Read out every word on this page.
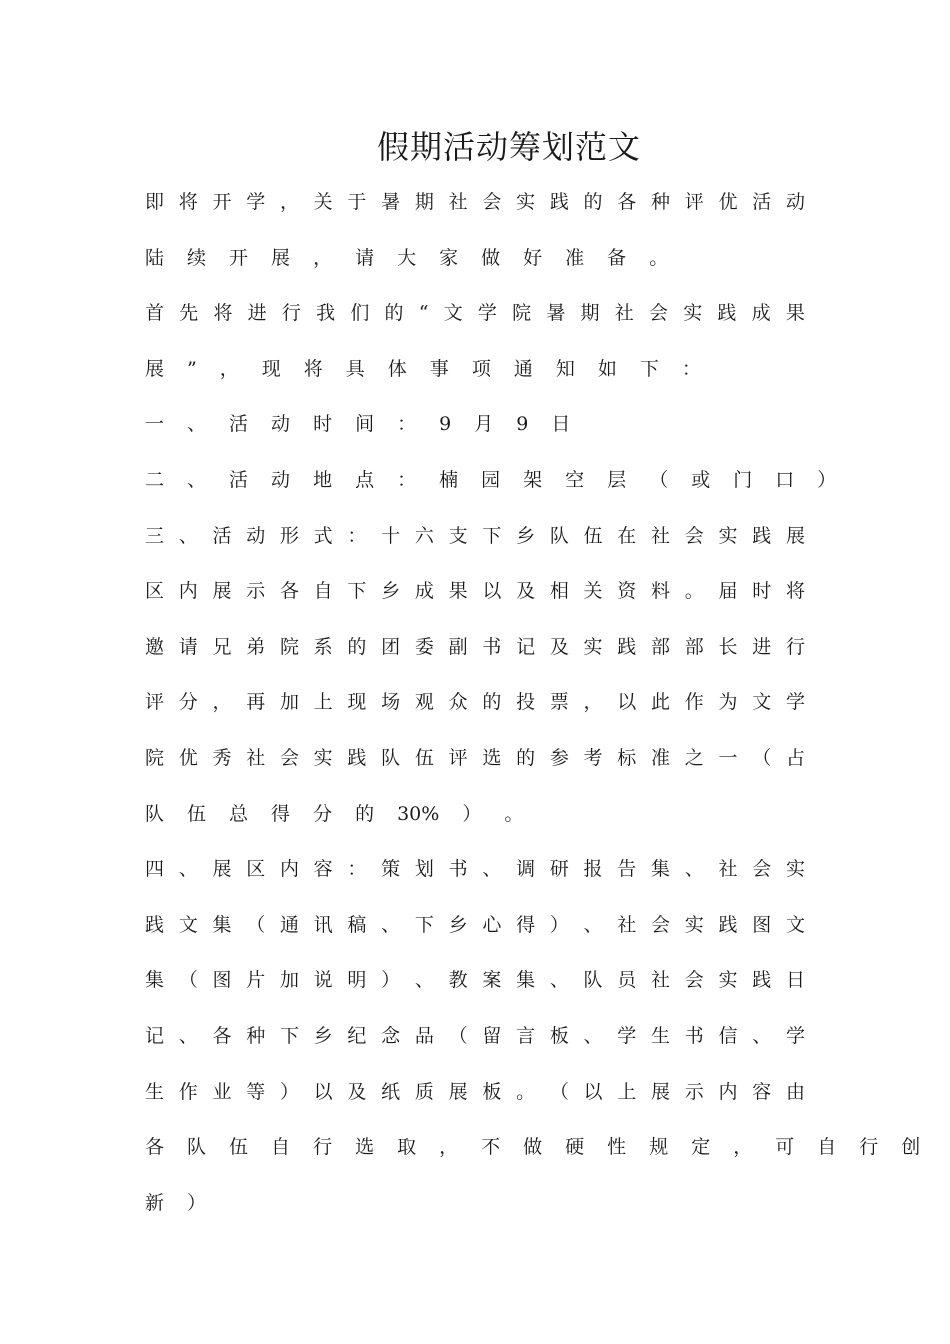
假期活动筹划范文
即 将 开 学 ， 关 于 暑 期 社 会 实 践 的 各 种 评 优 活 动
陆 续 开 展 ， 请 大 家 做 好 准 备 。
首 先 将 进 行 我 们 的 “ 文 学 院 暑 期 社 会 实 践 成 果
展 ” ， 现 将 具 体 事 项 通 知 如 下 ：
一 、 活 动 时 间 ： 9 月 9 日
二 、 活 动 地 点 ： 楠 园 架 空 层 （ 或 门 口 ）
三 、 活 动 形 式 ： 十 六 支 下 乡 队 伍 在 社 会 实 践 展
区 内 展 示 各 自 下 乡 成 果 以 及 相 关 资 料 。 届 时 将
邀 请 兄 弟 院 系 的 团 委 副 书 记 及 实 践 部 部 长 进 行
评 分 ， 再 加 上 现 场 观 众 的 投 票 ， 以 此 作 为 文 学
院 优 秀 社 会 实 践 队 伍 评 选 的 参 考 标 准 之 一 （ 占
队 伍 总 得 分 的 30% ） 。
四 、 展 区 内 容 ： 策 划 书 、 调 研 报 告 集 、 社 会 实
践 文 集 （ 通 讯 稿 、 下 乡 心 得 ） 、 社 会 实 践 图 文
集 （ 图 片 加 说 明 ） 、 教 案 集 、 队 员 社 会 实 践 日
记 、 各 种 下 乡 纪 念 品 （ 留 言 板 、 学 生 书 信 、 学
生 作 业 等 ） 以 及 纸 质 展 板 。 （ 以 上 展 示 内 容 由
各 队 伍 自 行 选 取 ， 不 做 硬 性 规 定 ， 可 自 行 创
新 ）
